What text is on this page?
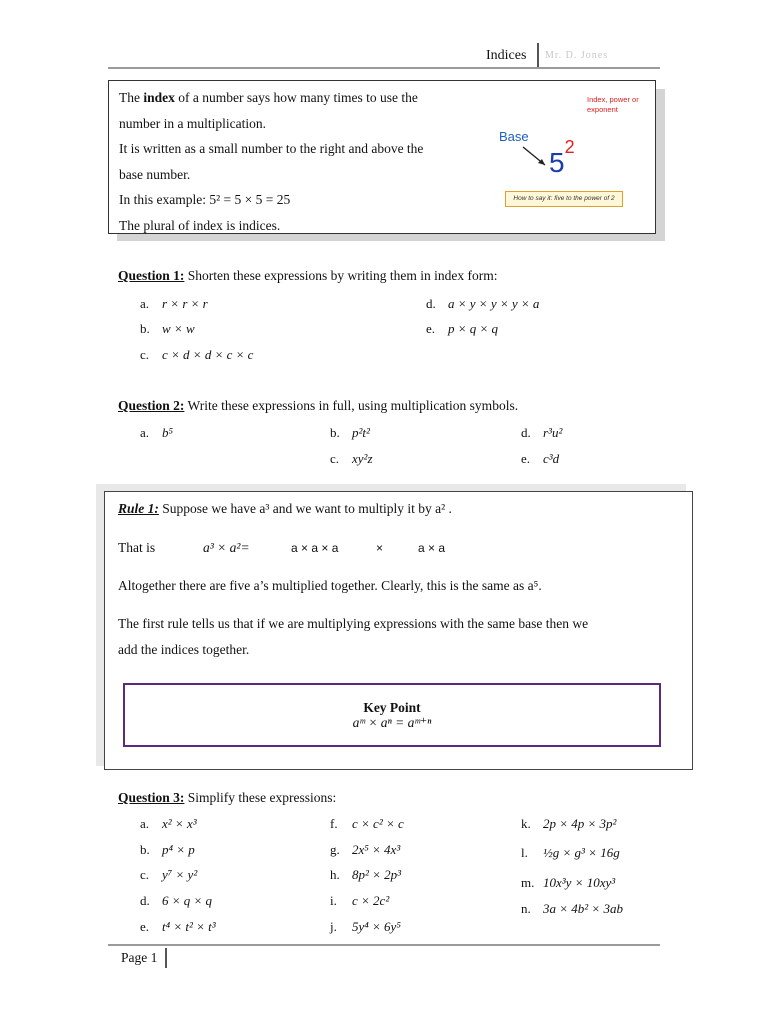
Indices Mr. D. Jones
The index of a number says how many times to use the
number in a multiplication.
It is written as a small number to the right and above the
base number.
In this example: 5² = 5 × 5 = 25
The plural of index is indices.
Index, power or exponent
Base
$5^2$
How to say it: five to the power of 2
Question 1: Shorten these expressions by writing them in index form:
a. r × r × r
b. w × w
c. c × d × d × c × c
d. a × y × y × y × a
e. p × q × q
Question 2: Write these expressions in full, using multiplication symbols.
a. b⁵	b. p²t²
c. xy²z
d. r³u²
e. c³d
Rule 1: Suppose we have a³ and we want to multiply it by a² .
That is	a³ × a²=	a × a × a	×	a × a
Altogether there are five a’s multiplied together. Clearly, this is the same as a⁵.
The first rule tells us that if we are multiplying expressions with the same base then we
add the indices together.
Key Point
aᵐ × aⁿ = aᵐ⁺ⁿ
Question 3: Simplify these expressions:
a. x² × x³
b. p⁴ × p
c. y⁷ × y²
d. 6 × q × q
e. t⁴ × t² × t³
f. c × c² × c
g. 2x⁵ × 4x³
h. 8p² × 2p³
i. c × 2c²
j. 5y⁴ × 6y⁵
k. 2p × 4p × 3p²
l. ½g × g³ × 16g
m. 10x³y × 10xy³
n. 3a × 4b² × 3ab
Page 1
